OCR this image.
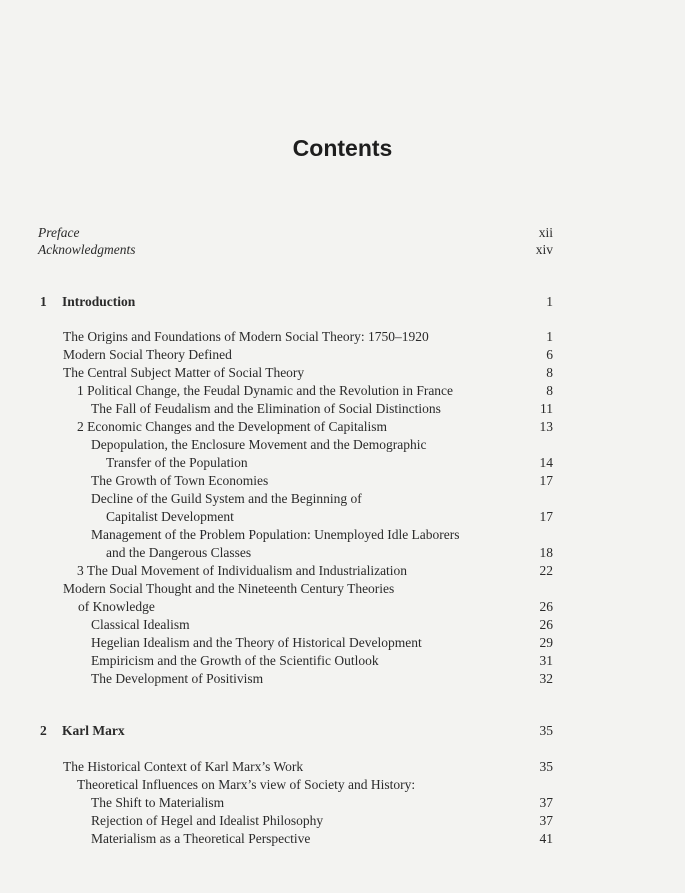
Contents
Preface	xii
Acknowledgments	xiv
1 Introduction	1
The Origins and Foundations of Modern Social Theory: 1750–1920	1
Modern Social Theory Defined	6
The Central Subject Matter of Social Theory	8
1 Political Change, the Feudal Dynamic and the Revolution in France	8
The Fall of Feudalism and the Elimination of Social Distinctions	11
2 Economic Changes and the Development of Capitalism	13
Depopulation, the Enclosure Movement and the Demographic
Transfer of the Population	14
The Growth of Town Economies	17
Decline of the Guild System and the Beginning of
Capitalist Development	17
Management of the Problem Population: Unemployed Idle Laborers
and the Dangerous Classes	18
3 The Dual Movement of Individualism and Industrialization	22
Modern Social Thought and the Nineteenth Century Theories
of Knowledge	26
Classical Idealism	26
Hegelian Idealism and the Theory of Historical Development	29
Empiricism and the Growth of the Scientific Outlook	31
The Development of Positivism	32
2 Karl Marx	35
The Historical Context of Karl Marx’s Work	35
Theoretical Influences on Marx’s view of Society and History:
The Shift to Materialism	37
Rejection of Hegel and Idealist Philosophy	37
Materialism as a Theoretical Perspective	41
